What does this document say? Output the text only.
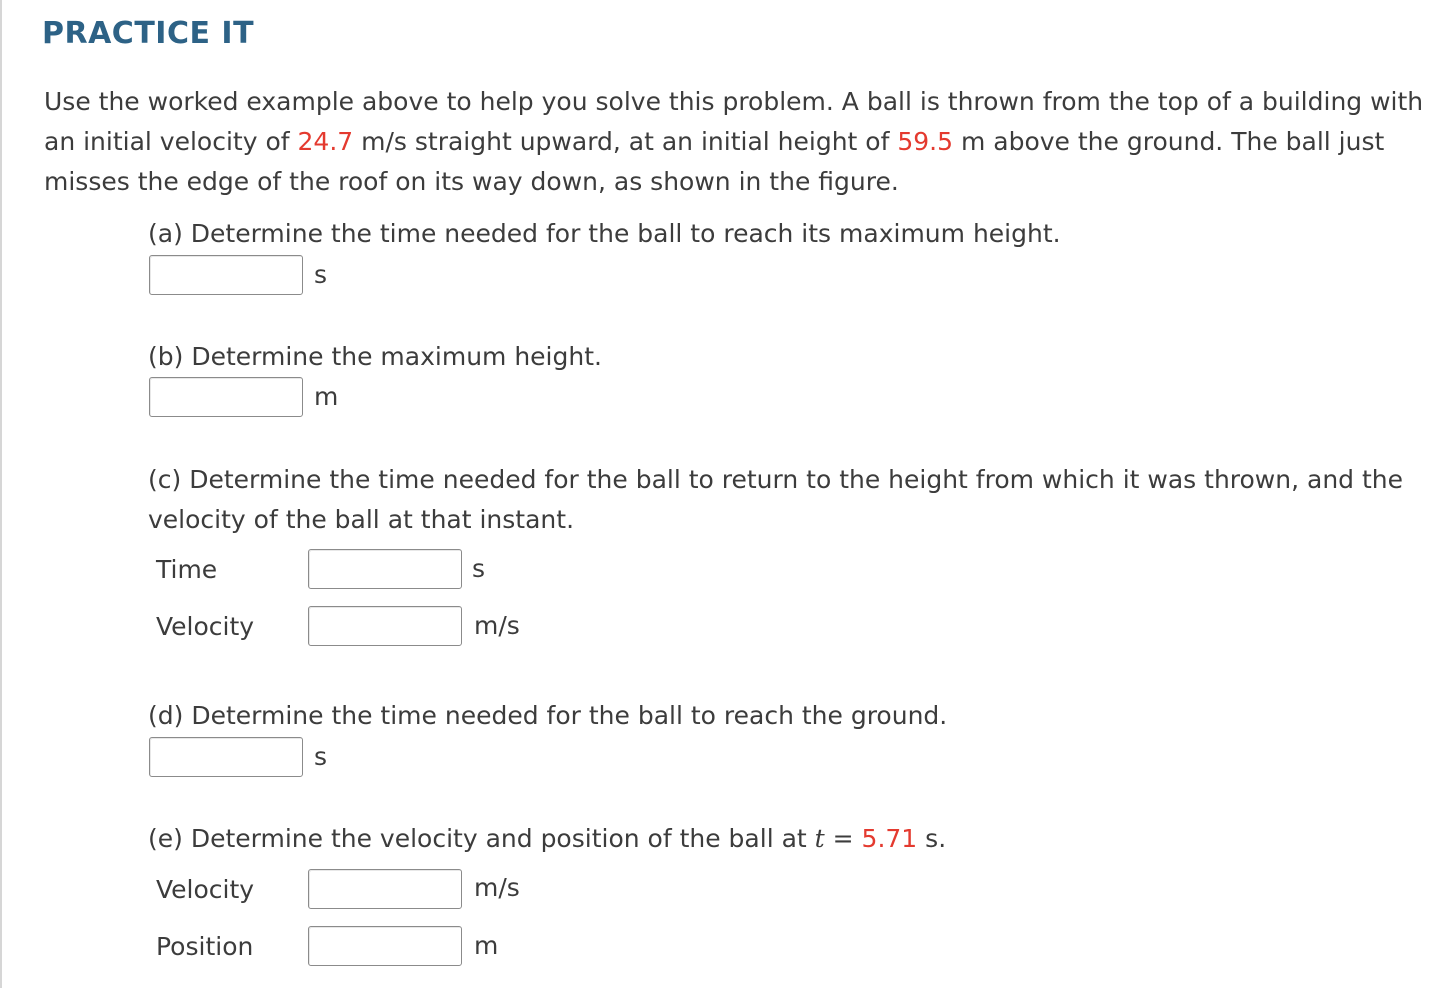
PRACTICE IT
Use the worked example above to help you solve this problem. A ball is thrown from the top of a building with an initial velocity of 24.7 m/s straight upward, at an initial height of 59.5 m above the ground. The ball just misses the edge of the roof on its way down, as shown in the figure.
(a) Determine the time needed for the ball to reach its maximum height.
s
(b) Determine the maximum height.
m
(c) Determine the time needed for the ball to return to the height from which it was thrown, and the velocity of the ball at that instant.
Time	s
Velocity	m/s
(d) Determine the time needed for the ball to reach the ground.
s
(e) Determine the velocity and position of the ball at t = 5.71 s.
Velocity	m/s
Position	m
